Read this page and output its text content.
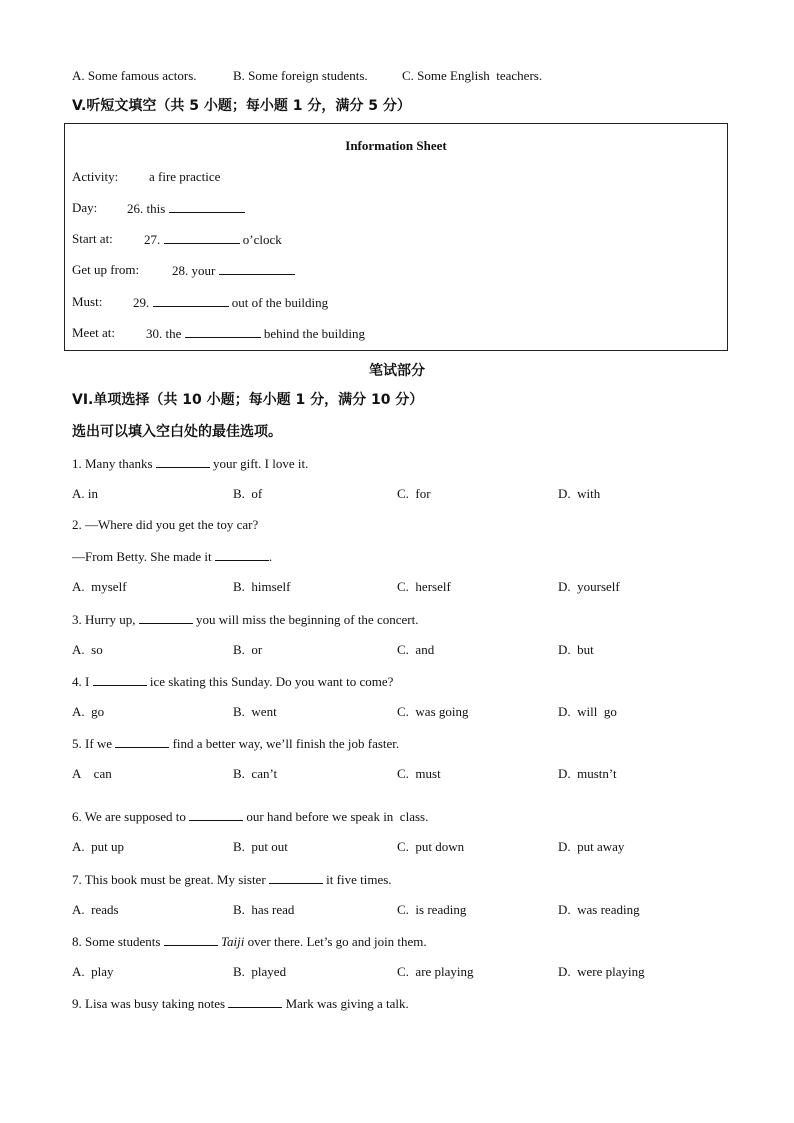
A. Some famous actors.	B. Some foreign students.	C. Some English  teachers.
V.听短文填空（共 5 小题；每小题 1 分，满分 5 分）
Information Sheet
Activity: a fire practice
Day: 26. this
Start at: 27.	o’clock
Get up from:	28. your
Must: 29.	out of the building
Meet at: 30. the	behind the building
笔试部分
VI.单项选择（共 10 小题；每小题 1 分，满分 10 分）
选出可以填入空白处的最佳选项。
1. Many thanks	your gift. I love it.
A. in	B.  of	C.  for	D.  with
2. —Where did you get the toy car?
—From Betty. She made it	.
A.  myself	B.  himself	C.  herself	D.  yourself
3. Hurry up,	you will miss the beginning of the concert.
A.  so	B.  or	C.  and	D.  but
4. I	ice skating this Sunday. Do you want to come?
A.  go	B.  went	C.  was going	D.  will  go
5. If we	find a better way, we’ll finish the job faster.
A    can	B.  can’t	C.  must	D.  mustn’t
6. We are supposed to	our hand before we speak in  class.
A.  put up	B.  put out	C.  put down	D.  put away
7. This book must be great. My sister	it five times.
A.  reads	B.  has read	C.  is reading	D.  was reading
8. Some students	Taiji over there. Let’s go and join them.
A.  play	B.  played	C.  are playing	D.  were playing
9. Lisa was busy taking notes	Mark was giving a talk.
